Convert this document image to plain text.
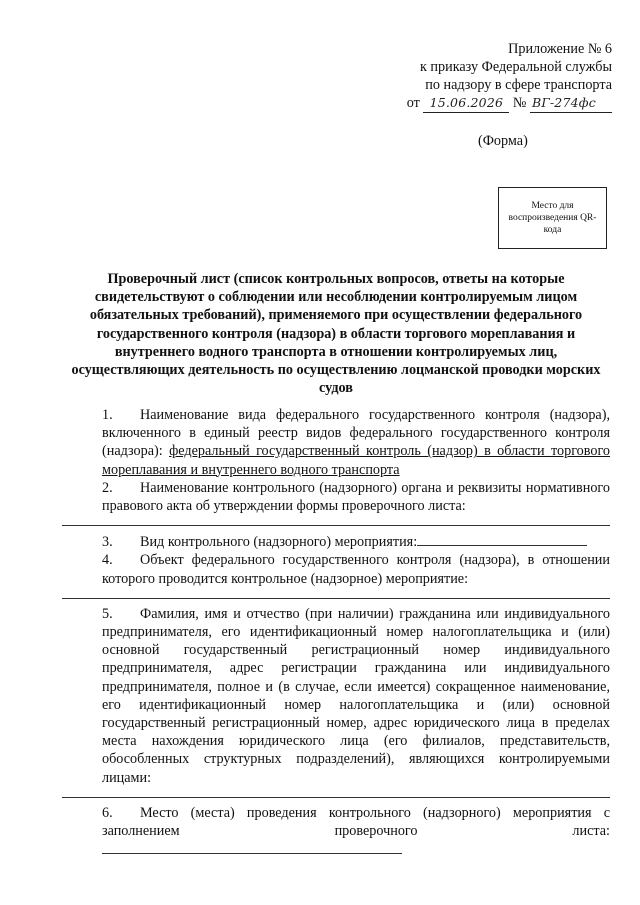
Приложение № 6
к приказу Федеральной службы
по надзору в сфере транспорта
от 15.06.2026 № ВГ-274фс
(Форма)
Место для воспроизведения QR-кода
Проверочный лист (список контрольных вопросов, ответы на которые свидетельствуют о соблюдении или несоблюдении контролируемым лицом обязательных требований), применяемого при осуществлении федерального государственного контроля (надзора) в области торгового мореплавания и внутреннего водного транспорта в отношении контролируемых лиц, осуществляющих деятельность по осуществлению лоцманской проводки морских судов

1. Наименование вида федерального государственного контроля (надзора), включенного в единый реестр видов федерального государственного контроля (надзора): федеральный государственный контроль (надзор) в области торгового мореплавания и внутреннего водного транспорта

2. Наименование контрольного (надзорного) органа и реквизиты нормативного правового акта об утверждении формы проверочного листа:

3. Вид контрольного (надзорного) мероприятия:

4. Объект федерального государственного контроля (надзора), в отношении которого проводится контрольное (надзорное) мероприятие:

5. Фамилия, имя и отчество (при наличии) гражданина или индивидуального предпринимателя, его идентификационный номер налогоплательщика и (или) основной государственный регистрационный номер индивидуального предпринимателя, адрес регистрации гражданина или индивидуального предпринимателя, полное и (в случае, если имеется) сокращенное наименование, его идентификационный номер налогоплательщика и (или) основной государственный регистрационный номер, адрес юридического лица в пределах места нахождения юридического лица (его филиалов, представительств, обособленных структурных подразделений), являющихся контролируемыми лицами:

6. Место (места) проведения контрольного (надзорного) мероприятия с заполнением проверочного листа:
